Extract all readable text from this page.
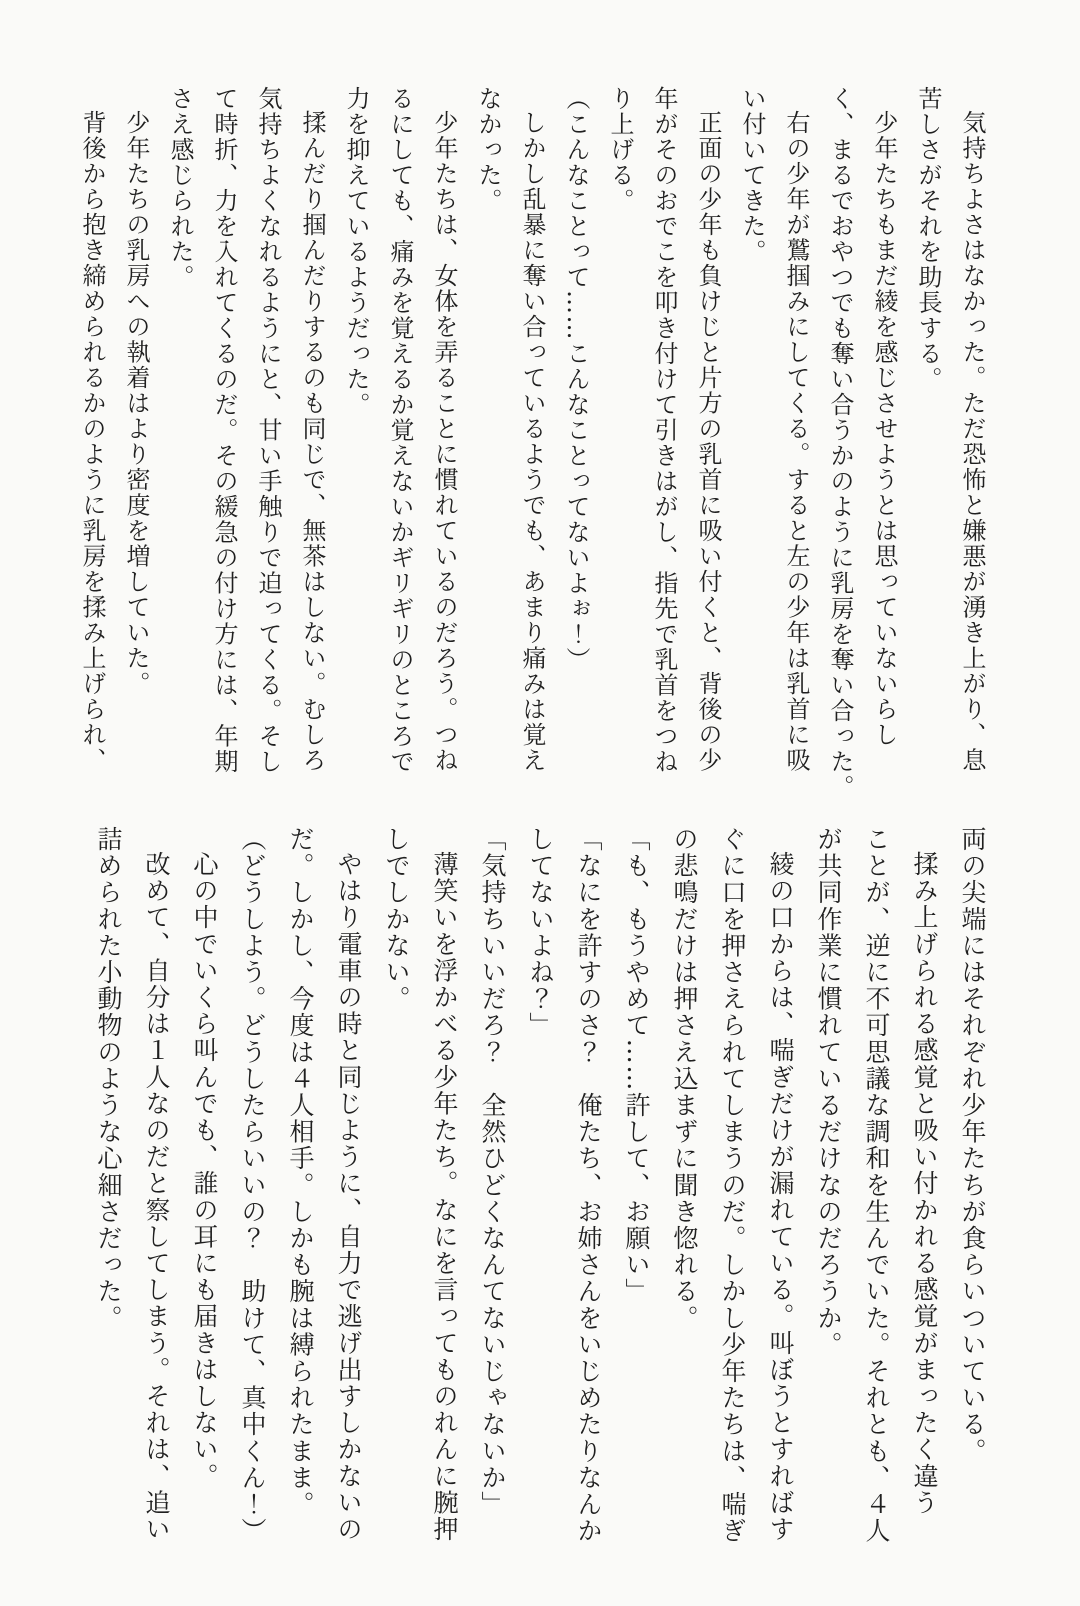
気持ちよさはなかった。ただ恐怖と嫌悪が湧き上がり、息
苦しさがそれを助長する。
少年たちもまだ綾を感じさせようとは思っていないらし
く、まるでおやつでも奪い合うかのように乳房を奪い合った。
右の少年が鷲掴みにしてくる。すると左の少年は乳首に吸
い付いてきた。
正面の少年も負けじと片方の乳首に吸い付くと、背後の少
年がそのおでこを叩き付けて引きはがし、指先で乳首をつね
り上げる。
（こんなことって……こんなことってないよぉ！）
しかし乱暴に奪い合っているようでも、あまり痛みは覚え
なかった。
少年たちは、女体を弄ることに慣れているのだろう。つね
るにしても、痛みを覚えるか覚えないかギリギリのところで
力を抑えているようだった。
揉んだり掴んだりするのも同じで、無茶はしない。むしろ
気持ちよくなれるようにと、甘い手触りで迫ってくる。そし
て時折、力を入れてくるのだ。その緩急の付け方には、年期
さえ感じられた。
少年たちの乳房への執着はより密度を増していた。
背後から抱き締められるかのように乳房を揉み上げられ、
両の尖端にはそれぞれ少年たちが食らいついている。
揉み上げられる感覚と吸い付かれる感覚がまったく違う
ことが、逆に不可思議な調和を生んでいた。それとも、４人
が共同作業に慣れているだけなのだろうか。
綾の口からは、喘ぎだけが漏れている。叫ぼうとすればす
ぐに口を押さえられてしまうのだ。しかし少年たちは、喘ぎ
の悲鳴だけは押さえ込まずに聞き惚れる。
「も、もうやめて……許して、お願い」
「なにを許すのさ？　俺たち、お姉さんをいじめたりなんか
してないよね？」
「気持ちいいだろ？　全然ひどくなんてないじゃないか」
薄笑いを浮かべる少年たち。なにを言ってものれんに腕押
しでしかない。
やはり電車の時と同じように、自力で逃げ出すしかないの
だ。しかし、今度は４人相手。しかも腕は縛られたまま。
（どうしよう。どうしたらいいの？　助けて、真中くん！）
心の中でいくら叫んでも、誰の耳にも届きはしない。
改めて、自分は１人なのだと察してしまう。それは、追い
詰められた小動物のような心細さだった。
